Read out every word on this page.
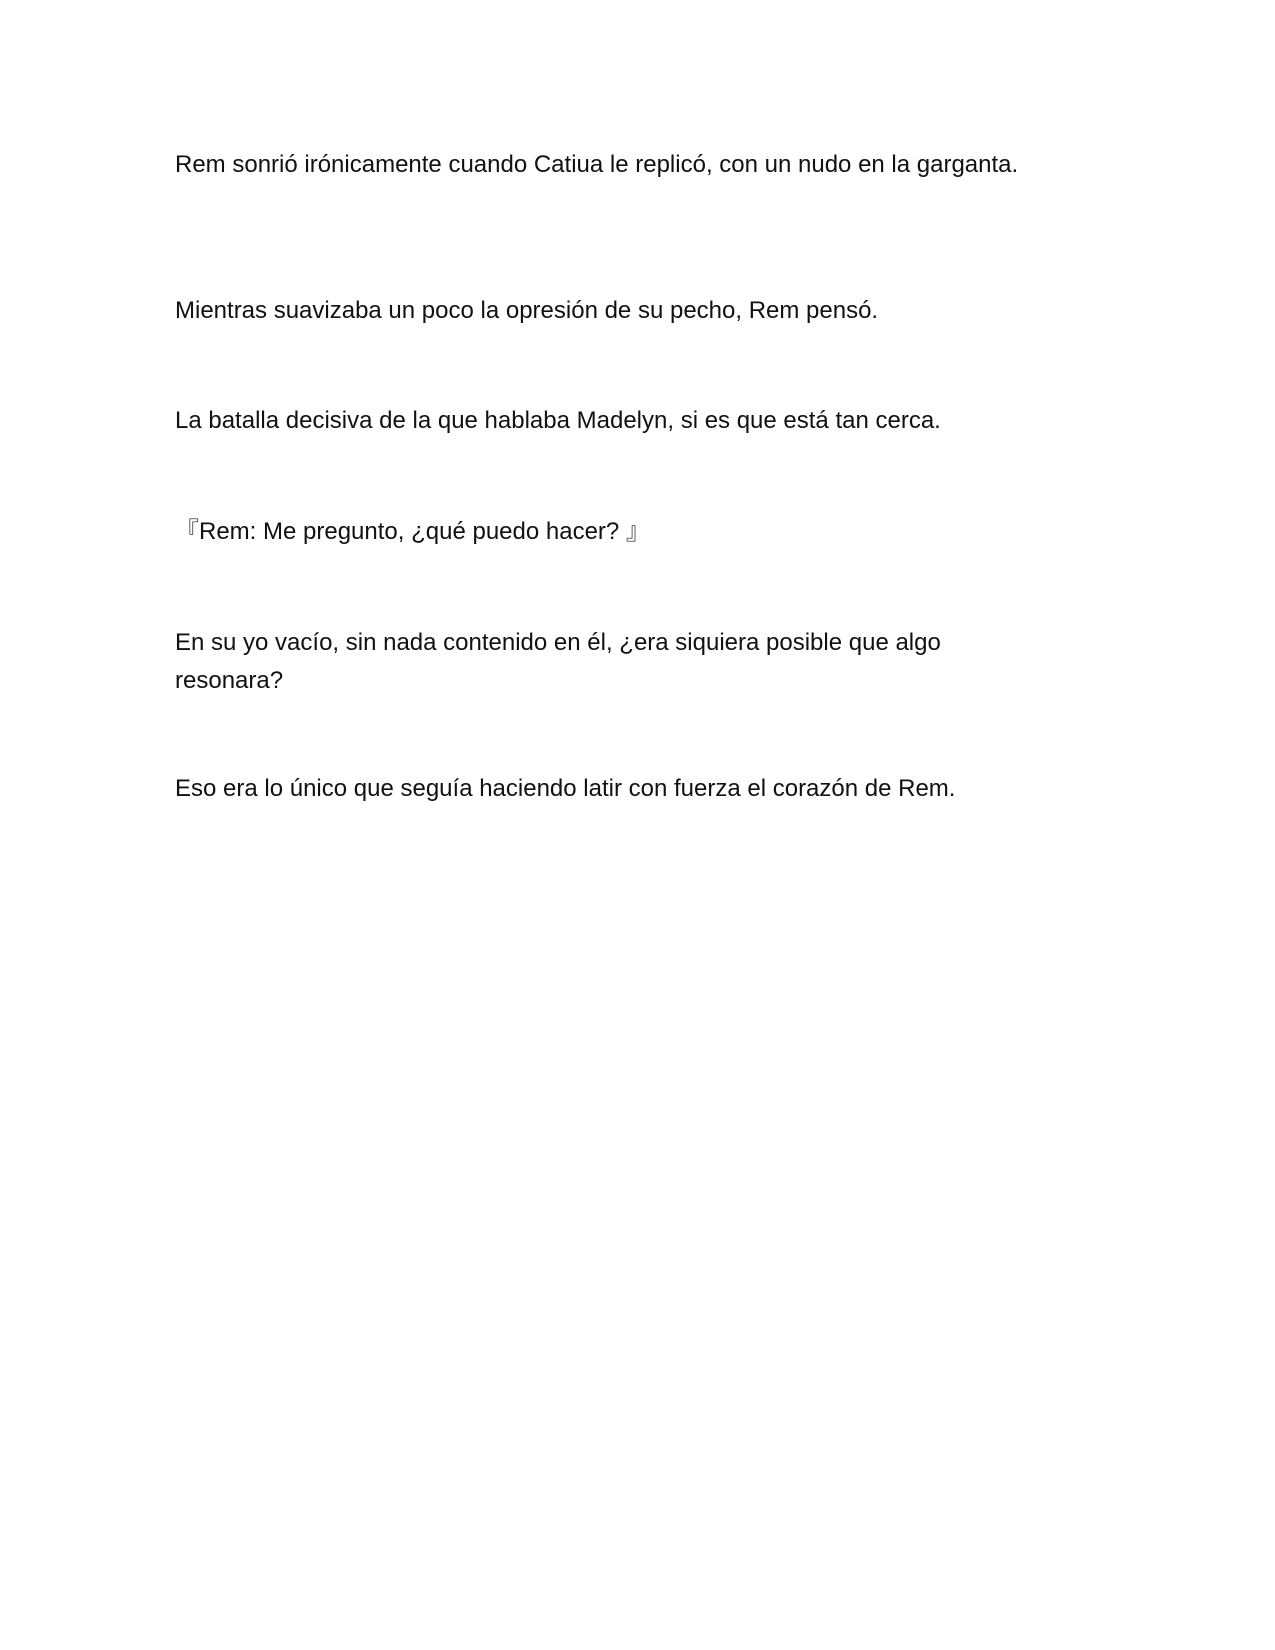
Rem sonrió irónicamente cuando Catiua le replicó, con un nudo en la garganta.

Mientras suavizaba un poco la opresión de su pecho, Rem pensó.

La batalla decisiva de la que hablaba Madelyn, si es que está tan cerca.

『Rem: Me pregunto, ¿qué puedo hacer? 』

En su yo vacío, sin nada contenido en él, ¿era siquiera posible que algo resonara?

Eso era lo único que seguía haciendo latir con fuerza el corazón de Rem.
